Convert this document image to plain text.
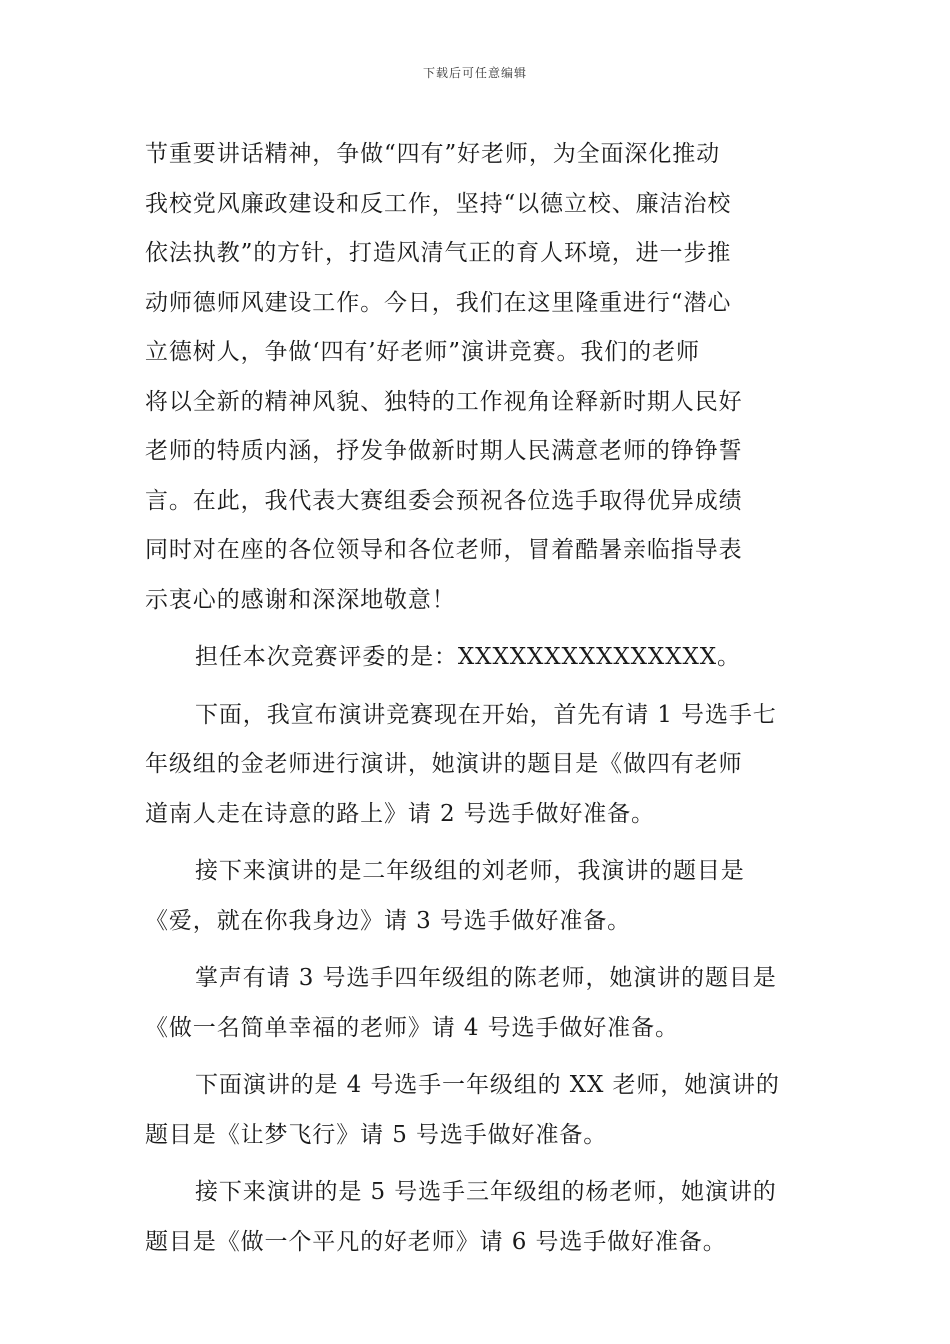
下载后可任意编辑
节重要讲话精神，争做“四有”好老师，为全面深化推动
我校党风廉政建设和反工作，坚持“以德立校、廉洁治校
依法执教”的方针，打造风清气正的育人环境，进一步推
动师德师风建设工作。今日，我们在这里隆重进行“潜心
立德树人，争做‘四有’好老师”演讲竞赛。我们的老师
将以全新的精神风貌、独特的工作视角诠释新时期人民好
老师的特质内涵，抒发争做新时期人民满意老师的铮铮誓
言。在此，我代表大赛组委会预祝各位选手取得优异成绩
同时对在座的各位领导和各位老师，冒着酷暑亲临指导表
示衷心的感谢和深深地敬意！
担任本次竞赛评委的是：XXXXXXXXXXXXXXX。
下面，我宣布演讲竞赛现在开始，首先有请 1 号选手七
年级组的金老师进行演讲，她演讲的题目是《做四有老师
道南人走在诗意的路上》请 2 号选手做好准备。
接下来演讲的是二年级组的刘老师，我演讲的题目是
《爱，就在你我身边》请 3 号选手做好准备。
掌声有请 3 号选手四年级组的陈老师，她演讲的题目是
《做一名简单幸福的老师》请 4 号选手做好准备。
下面演讲的是 4 号选手一年级组的 XX 老师，她演讲的
题目是《让梦飞行》请 5 号选手做好准备。
接下来演讲的是 5 号选手三年级组的杨老师，她演讲的
题目是《做一个平凡的好老师》请 6 号选手做好准备。
